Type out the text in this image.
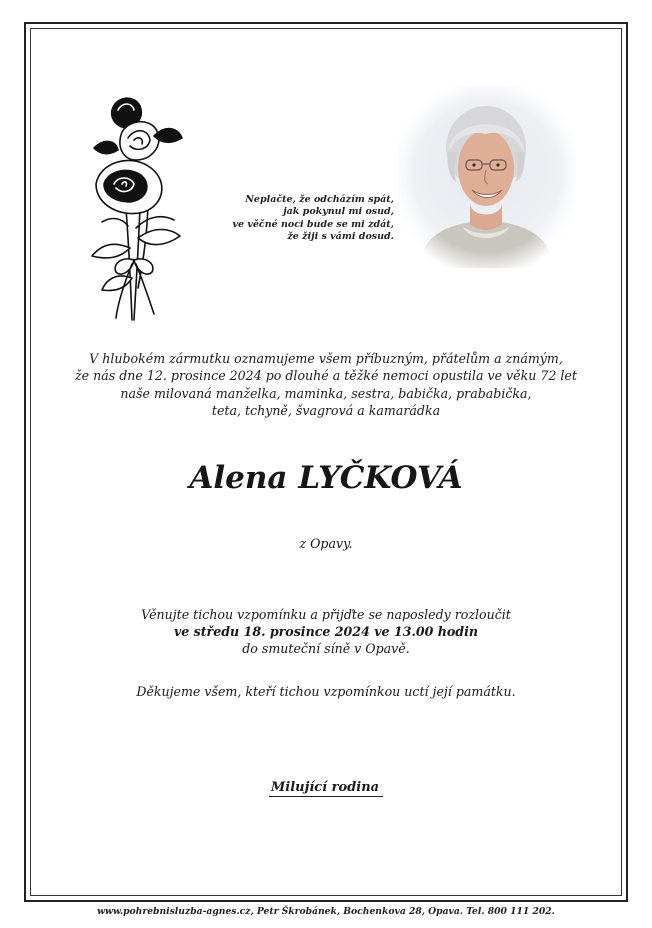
Neplačte, že odcházím spát,
jak pokynul mi osud,
ve věčné noci bude se mi zdát,
že žiji s vámi dosud.
V hlubokém zármutku oznamujeme všem příbuzným, přátelům a známým,
že nás dne 12. prosince 2024 po dlouhé a těžké nemoci opustila ve věku 72 let
naše milovaná manželka, maminka, sestra, babička, prababička,
teta, tchyně, švagrová a kamarádka
Alena LYČKOVÁ
z Opavy.
Věnujte tichou vzpomínku a přijďte se naposledy rozloučit
ve středu 18. prosince 2024 ve 13.00 hodin
do smuteční síně v Opavě.
Děkujeme všem, kteří tichou vzpomínkou uctí její památku.
Milující rodina
www.pohrebnisluzba-agnes.cz, Petr Škrobánek, Bochenkova 28, Opava. Tel. 800 111 202.
